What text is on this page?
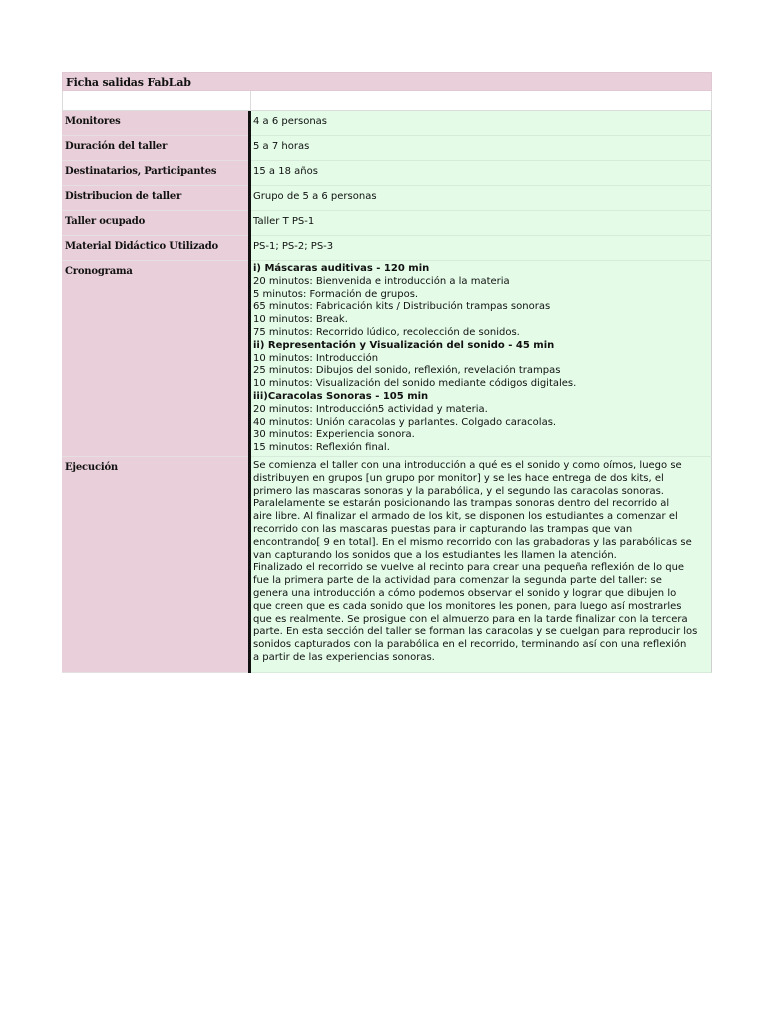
Ficha salidas FabLab
Monitores	4 a 6 personas
Duración del taller	5 a 7 horas
Destinatarios, Participantes	15 a 18 años
Distribucion de taller	Grupo de 5 a 6 personas
Taller ocupado	Taller T PS-1
Material Didáctico Utilizado	PS-1; PS-2; PS-3
Cronograma	i) Máscaras auditivas - 120 min
20 minutos: Bienvenida e introducción a la materia
5 minutos: Formación de grupos.
65 minutos: Fabricación kits / Distribución trampas sonoras
10 minutos: Break.
75 minutos: Recorrido lúdico, recolección de sonidos.
ii) Representación y Visualización del sonido - 45 min
10 minutos: Introducción
25 minutos: Dibujos del sonido, reflexión, revelación trampas
10 minutos: Visualización del sonido mediante códigos digitales.
iii)Caracolas Sonoras - 105 min
20 minutos: Introducción5 actividad y materia.
40 minutos: Unión caracolas y parlantes. Colgado caracolas.
30 minutos: Experiencia sonora.
15 minutos: Reflexión final.
Ejecución	Se comienza el taller con una introducción a qué es el sonido y como oímos, luego se
distribuyen en grupos [un grupo por monitor] y se les hace entrega de dos kits, el
primero las mascaras sonoras y la parabólica, y el segundo las caracolas sonoras.
Paralelamente se estarán posicionando las trampas sonoras dentro del recorrido al
aire libre. Al finalizar el armado de los kit, se disponen los estudiantes a comenzar el
recorrido con las mascaras puestas para ir capturando las trampas que van
encontrando[ 9 en total]. En el mismo recorrido con las grabadoras y las parabólicas se
van capturando los sonidos que a los estudiantes les llamen la atención.
Finalizado el recorrido se vuelve al recinto para crear una pequeña reflexión de lo que
fue la primera parte de la actividad para comenzar la segunda parte del taller: se
genera una introducción a cómo podemos observar el sonido y lograr que dibujen lo
que creen que es cada sonido que los monitores les ponen, para luego así mostrarles
que es realmente. Se prosigue con el almuerzo para en la tarde finalizar con la tercera
parte. En esta sección del taller se forman las caracolas y se cuelgan para reproducir los
sonidos capturados con la parabólica en el recorrido, terminando así con una reflexión
a partir de las experiencias sonoras.
